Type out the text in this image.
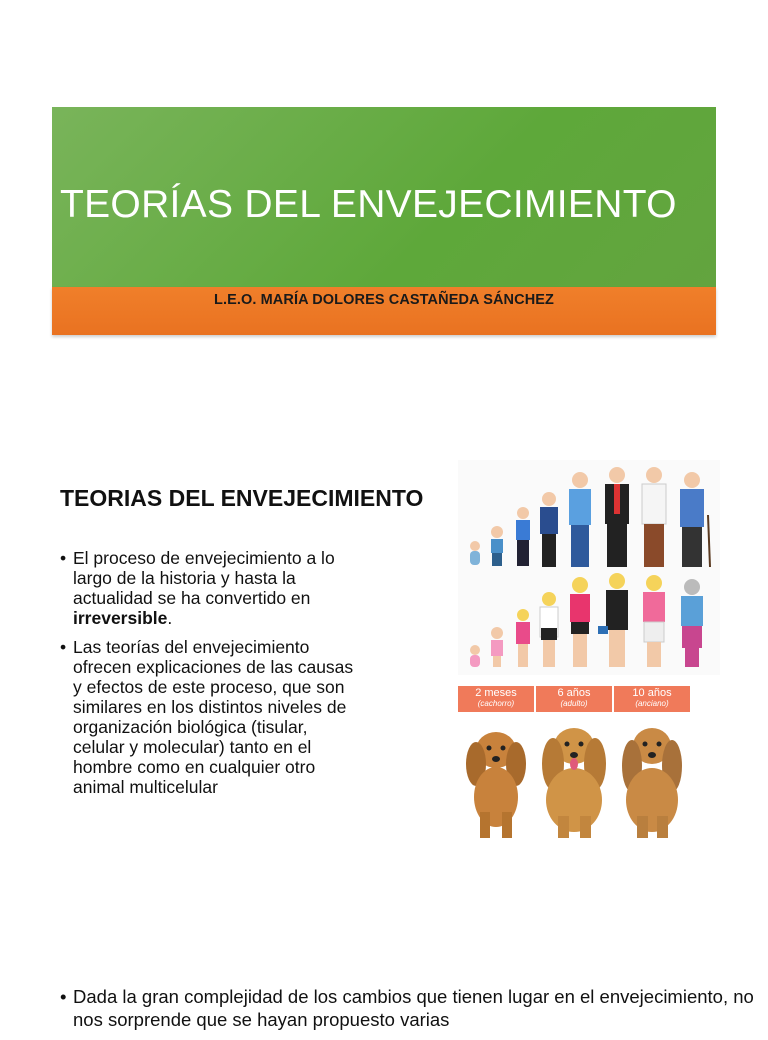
TEORÍAS DEL ENVEJECIMIENTO
L.E.O. MARÍA DOLORES CASTAÑEDA SÁNCHEZ
TEORIAS DEL ENVEJECIMIENTO
• El proceso de envejecimiento a lo largo de la historia y hasta la actualidad se ha convertido en irreversible.
• Las teorías del envejecimiento ofrecen explicaciones de las causas y efectos de este proceso, que son similares en los distintos niveles de organización biológica (tisular, celular y molecular) tanto en el hombre como en cualquier otro animal multicelular
2 meses
(cachorro)
6 años
(adulto)
10 años
(anciano)
• Dada la gran complejidad de los cambios que tienen lugar en el envejecimiento, no nos sorprende que se hayan propuesto varias
